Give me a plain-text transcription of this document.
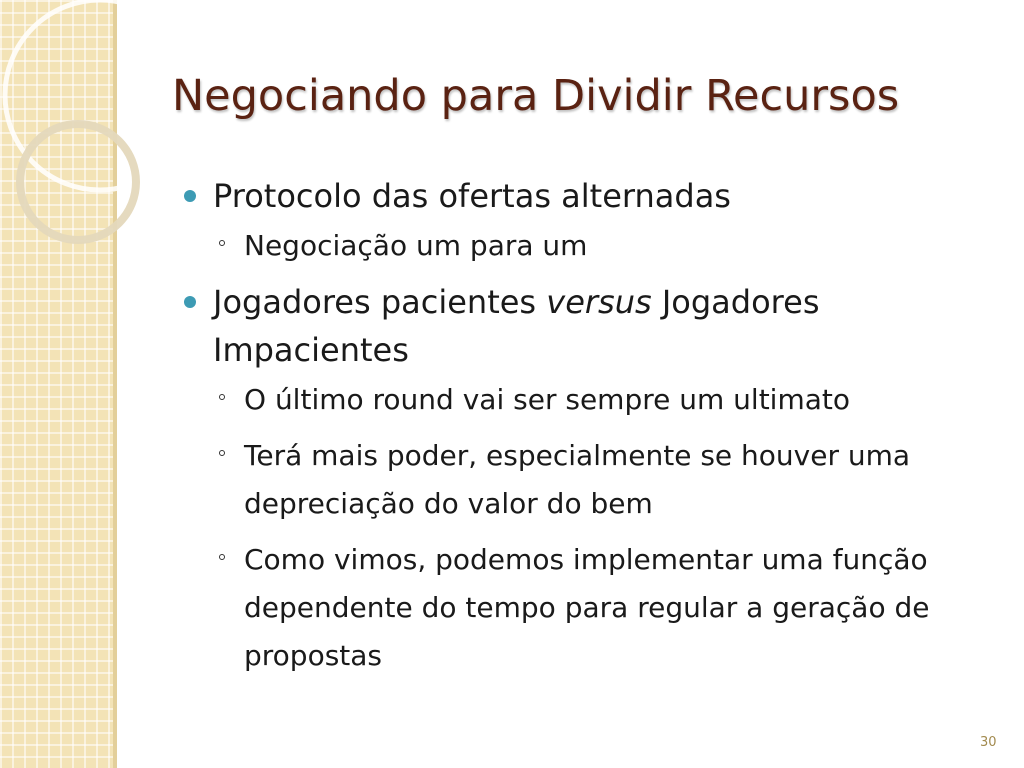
Negociando para Dividir Recursos
Protocolo das ofertas alternadas
Negociação um para um
Jogadores pacientes versus Jogadores Impacientes
O último round vai ser sempre um ultimato
Terá mais poder, especialmente se houver uma depreciação do valor do bem
Como vimos, podemos implementar uma função dependente do tempo para regular a geração de propostas
30
